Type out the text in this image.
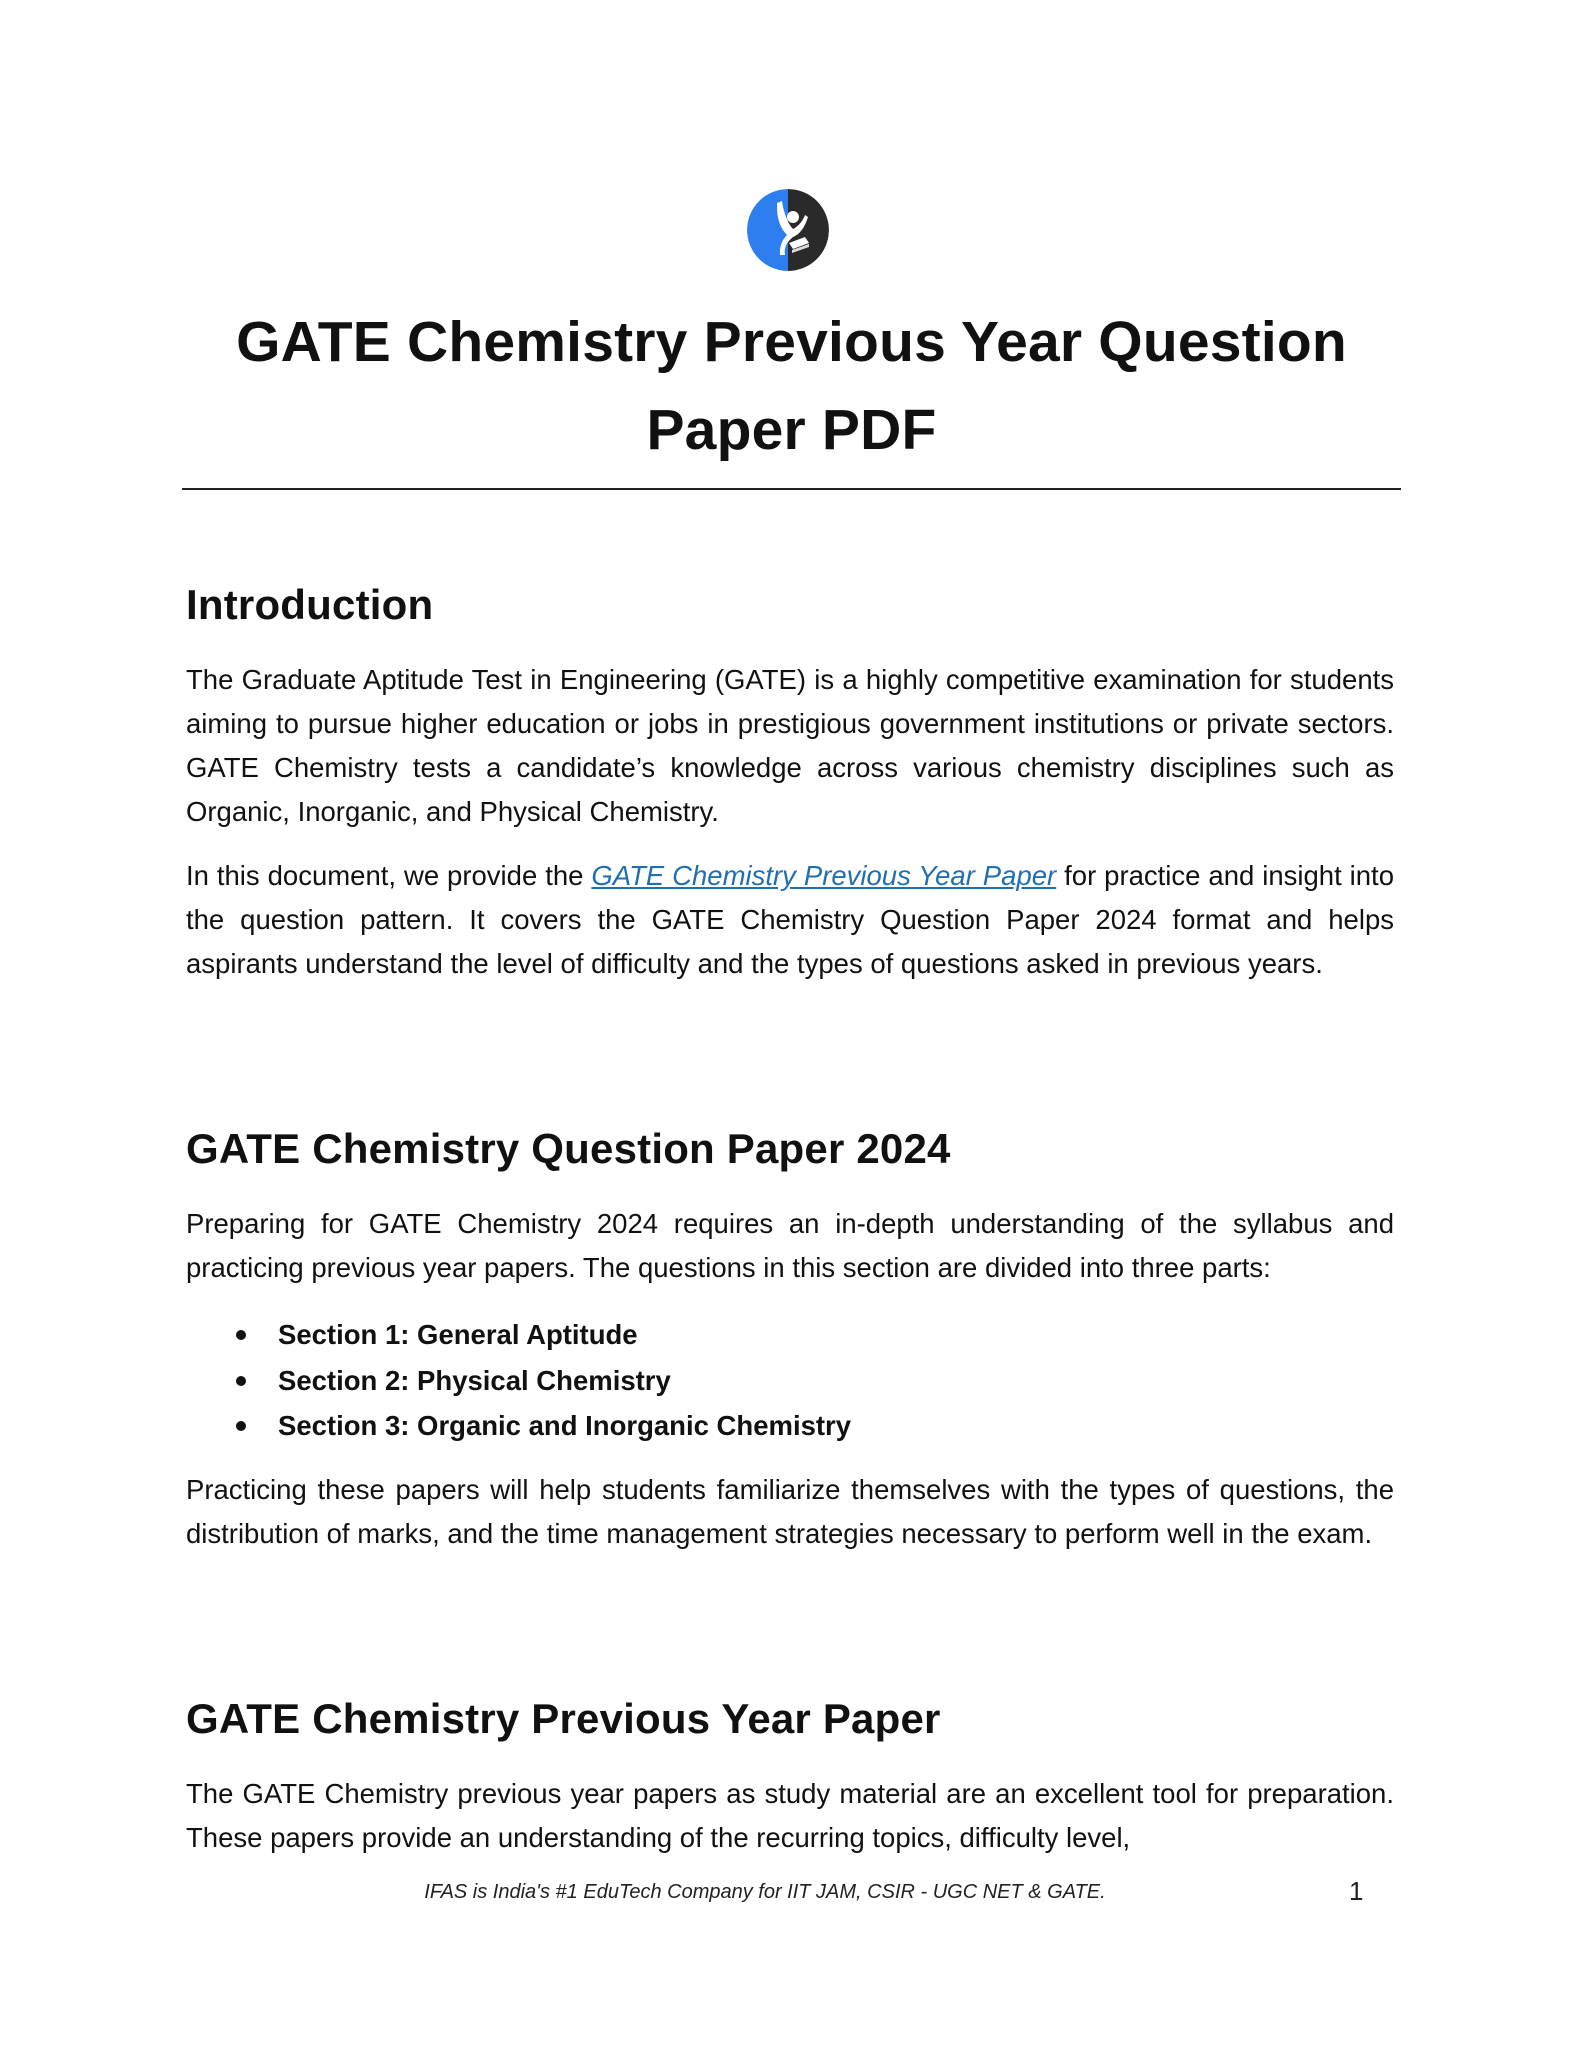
GATE Chemistry Previous Year Question
Paper PDF
Introduction

The Graduate Aptitude Test in Engineering (GATE) is a highly competitive examination for students aiming to pursue higher education or jobs in prestigious government institutions or private sectors. GATE Chemistry tests a candidate’s knowledge across various chemistry disciplines such as Organic, Inorganic, and Physical Chemistry.

In this document, we provide the GATE Chemistry Previous Year Paper for practice and insight into the question pattern. It covers the GATE Chemistry Question Paper 2024 format and helps aspirants understand the level of difficulty and the types of questions asked in previous years.

GATE Chemistry Question Paper 2024

Preparing for GATE Chemistry 2024 requires an in-depth understanding of the syllabus and practicing previous year papers. The questions in this section are divided into three parts:

Section 1: General Aptitude
Section 2: Physical Chemistry
Section 3: Organic and Inorganic Chemistry

Practicing these papers will help students familiarize themselves with the types of questions, the distribution of marks, and the time management strategies necessary to perform well in the exam.

GATE Chemistry Previous Year Paper

The GATE Chemistry previous year papers as study material are an excellent tool for preparation. These papers provide an understanding of the recurring topics, difficulty level,

IFAS is India's #1 EduTech Company for IIT JAM, CSIR - UGC NET & GATE.	1
